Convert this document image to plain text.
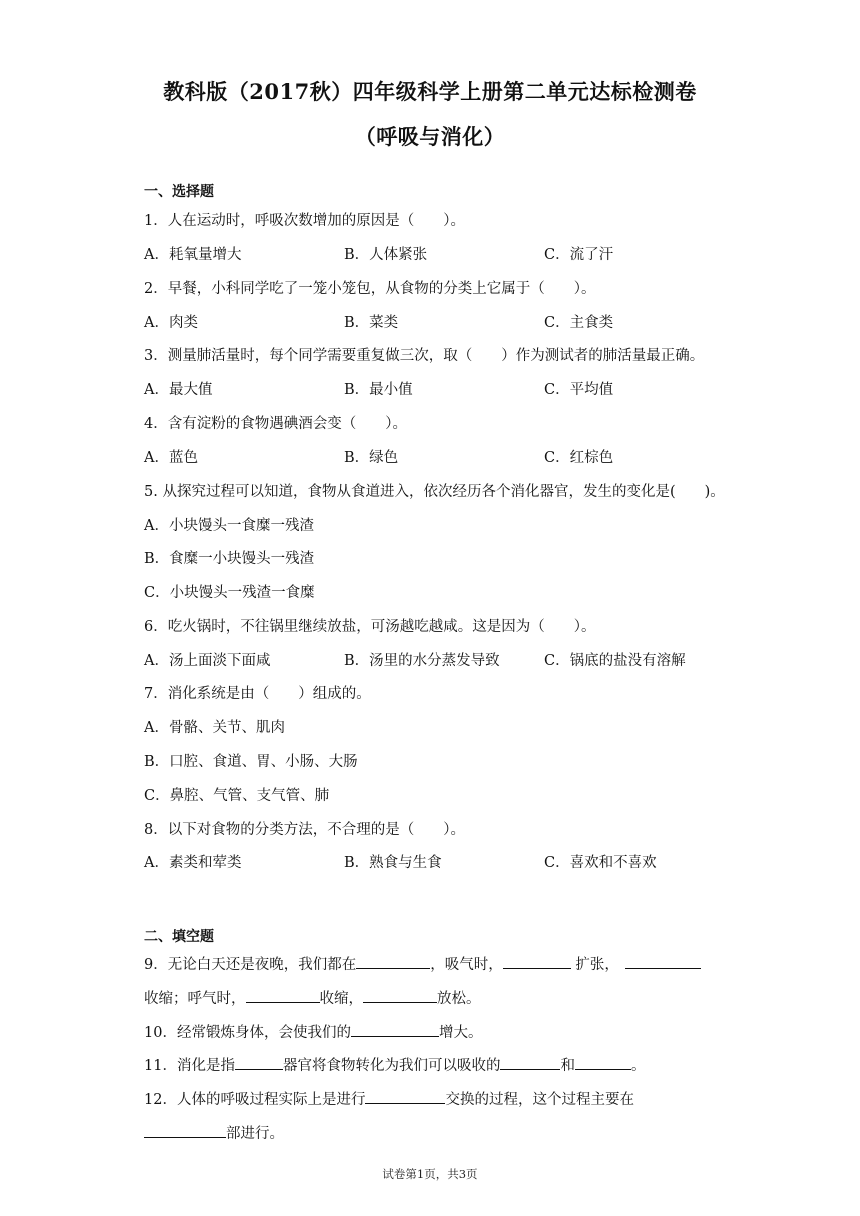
教科版（2017秋）四年级科学上册第二单元达标检测卷
（呼吸与消化）
一、选择题
1．人在运动时，呼吸次数增加的原因是（　　）。
A．耗氧量增大	B．人体紧张	C．流了汗
2．早餐，小科同学吃了一笼小笼包，从食物的分类上它属于（　　）。
A．肉类	B．菜类	C．主食类
3．测量肺活量时，每个同学需要重复做三次，取（　　）作为测试者的肺活量最正确。
A．最大值	B．最小值	C．平均值
4．含有淀粉的食物遇碘酒会变（　　）。
A．蓝色	B．绿色	C．红棕色
5. 从探究过程可以知道，食物从食道进入，依次经历各个消化器官，发生的变化是(　　)。
A．小块馒头一食糜一残渣
B．食糜一小块馒头一残渣
C．小块馒头一残渣一食糜
6．吃火锅时，不往锅里继续放盐，可汤越吃越咸。这是因为（　　）。
A．汤上面淡下面咸	B．汤里的水分蒸发导致	C．锅底的盐没有溶解
7．消化系统是由（　　）组成的。
A．骨骼、关节、肌肉
B．口腔、食道、胃、小肠、大肠
C．鼻腔、气管、支气管、肺
8．以下对食物的分类方法，不合理的是（　　）。
A．素类和荤类	B．熟食与生食	C．喜欢和不喜欢
二、填空题
9．无论白天还是夜晚，我们都在	，吸气时，	扩张，
收缩；呼气时，	收缩，	放松。
10．经常锻炼身体，会使我们的	增大。
11．消化是指	器官将食物转化为我们可以吸收的	和	。
12．人体的呼吸过程实际上是进行	交换的过程，这个过程主要在
部进行。
试卷第1页，共3页
